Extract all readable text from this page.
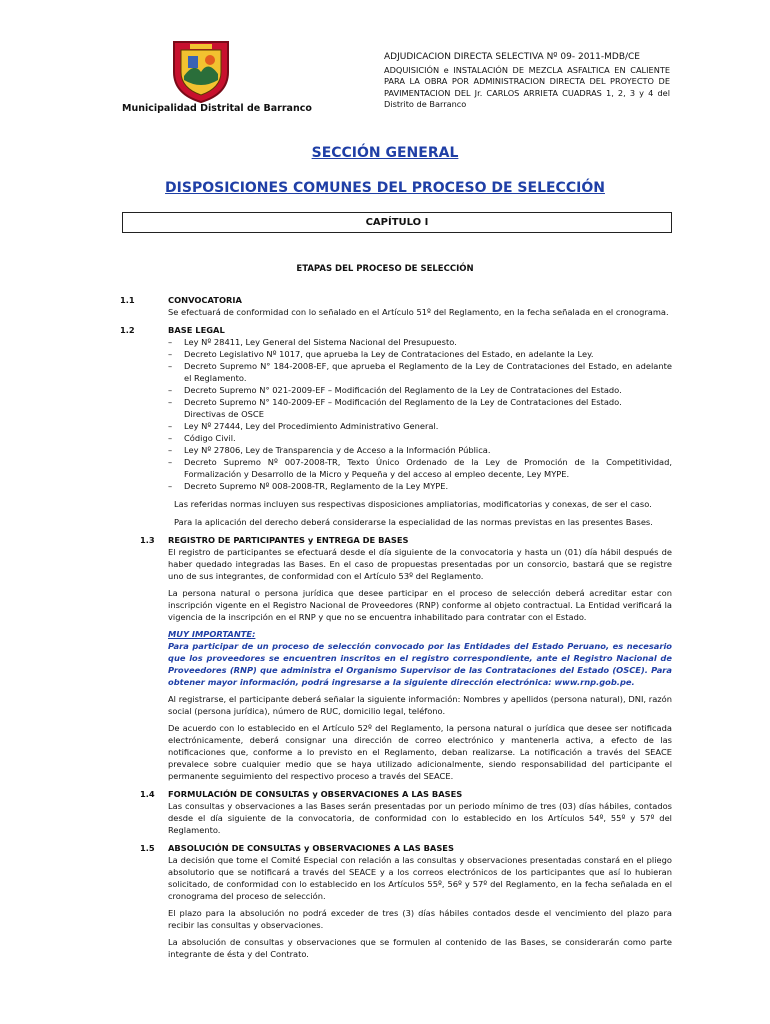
Municipalidad Distrital de Barranco
ADJUDICACION DIRECTA SELECTIVA Nº 09- 2011-MDB/CE
ADQUISICIÓN e INSTALACIÓN DE MEZCLA ASFALTICA EN CALIENTE PARA LA OBRA POR ADMINISTRACION DIRECTA DEL PROYECTO DE PAVIMENTACION DEL Jr. CARLOS ARRIETA CUADRAS 1, 2, 3 y 4 del Distrito de Barranco
SECCIÓN GENERAL
DISPOSICIONES COMUNES DEL PROCESO DE SELECCIÓN
CAPÍTULO I
ETAPAS DEL PROCESO DE SELECCIÓN
1.1	CONVOCATORIA

Se efectuará de conformidad con lo señalado en el Artículo 51º del Reglamento, en la fecha señalada en el cronograma.

1.2	BASE LEGAL
– Ley Nº 28411, Ley General del Sistema Nacional del Presupuesto.
– Decreto Legislativo Nº 1017, que aprueba la Ley de Contrataciones del Estado, en adelante la Ley.
– Decreto Supremo N° 184-2008-EF, que aprueba el Reglamento de la Ley de Contrataciones del Estado, en adelante el Reglamento.
– Decreto Supremo N° 021-2009-EF – Modificación del Reglamento de la Ley de Contrataciones del Estado.
– Decreto Supremo N° 140-2009-EF – Modificación del Reglamento de la Ley de Contrataciones del Estado.
Directivas de OSCE
– Ley Nº 27444, Ley del Procedimiento Administrativo General.
– Código Civil.
– Ley Nº 27806, Ley de Transparencia y de Acceso a la Información Pública.
– Decreto Supremo Nº 007-2008-TR, Texto Único Ordenado de la Ley de Promoción de la Competitividad, Formalización y Desarrollo de la Micro y Pequeña y del acceso al empleo decente, Ley MYPE.
– Decreto Supremo Nº 008-2008-TR, Reglamento de la Ley MYPE.

Las referidas normas incluyen sus respectivas disposiciones ampliatorias, modificatorias y conexas, de ser el caso.

Para la aplicación del derecho deberá considerarse la especialidad de las normas previstas en las presentes Bases.

1.3 REGISTRO DE PARTICIPANTES y ENTREGA DE BASES

El registro de participantes se efectuará desde el día siguiente de la convocatoria y hasta un (01) día hábil después de haber quedado integradas las Bases. En el caso de propuestas presentadas por un consorcio, bastará que se registre uno de sus integrantes, de conformidad con el Artículo 53º del Reglamento.

La persona natural o persona jurídica que desee participar en el proceso de selección deberá acreditar estar con inscripción vigente en el Registro Nacional de Proveedores (RNP) conforme al objeto contractual. La Entidad verificará la vigencia de la inscripción en el RNP y que no se encuentra inhabilitado para contratar con el Estado.

MUY IMPORTANTE:
Para participar de un proceso de selección convocado por las Entidades del Estado Peruano, es necesario que los proveedores se encuentren inscritos en el registro correspondiente, ante el Registro Nacional de Proveedores (RNP) que administra el Organismo Supervisor de las Contrataciones del Estado (OSCE). Para obtener mayor información, podrá ingresarse a la siguiente dirección electrónica: www.rnp.gob.pe.

Al registrarse, el participante deberá señalar la siguiente información: Nombres y apellidos (persona natural), DNI, razón social (persona jurídica), número de RUC, domicilio legal, teléfono.

De acuerdo con lo establecido en el Artículo 52º del Reglamento, la persona natural o jurídica que desee ser notificada electrónicamente, deberá consignar una dirección de correo electrónico y mantenerla activa, a efecto de las notificaciones que, conforme a lo previsto en el Reglamento, deban realizarse. La notificación a través del SEACE prevalece sobre cualquier medio que se haya utilizado adicionalmente, siendo responsabilidad del participante el permanente seguimiento del respectivo proceso a través del SEACE.

1.4 FORMULACIÓN DE CONSULTAS y OBSERVACIONES A LAS BASES

Las consultas y observaciones a las Bases serán presentadas por un periodo mínimo de tres (03) días hábiles, contados desde el día siguiente de la convocatoria, de conformidad con lo establecido en los Artículos 54º, 55º y 57º del Reglamento.

1.5 ABSOLUCIÓN DE CONSULTAS y OBSERVACIONES A LAS BASES

La decisión que tome el Comité Especial con relación a las consultas y observaciones presentadas constará en el pliego absolutorio que se notificará a través del SEACE y a los correos electrónicos de los participantes que así lo hubieran solicitado, de conformidad con lo establecido en los Artículos 55º, 56º y 57º del Reglamento, en la fecha señalada en el cronograma del proceso de selección.

El plazo para la absolución no podrá exceder de tres (3) días hábiles contados desde el vencimiento del plazo para recibir las consultas y observaciones.

La absolución de consultas y observaciones que se formulen al contenido de las Bases, se considerarán como parte integrante de ésta y del Contrato.
